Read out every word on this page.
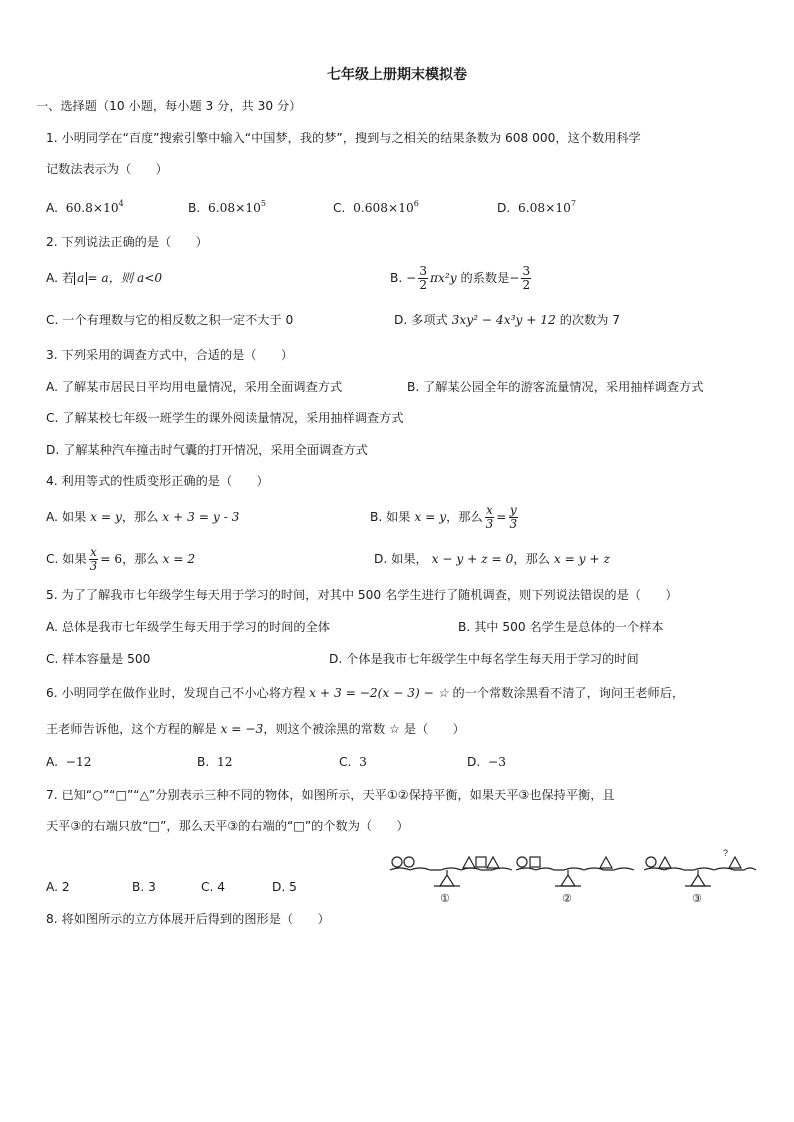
七年级上册期末模拟卷
一、选择题（10 小题，每小题 3 分，共 30 分）
1. 小明同学在“百度”搜索引擎中输入“中国梦，我的梦”，搜到与之相关的结果条数为 608 000，这个数用科学
记数法表示为（　　）
A. $60.8\times 10^4$	B. $6.08\times 10^5$	C. $0.608\times 10^6$	D. $6.08\times 10^7$
2. 下列说法正确的是（　　）
A. 若 a = a，则 a<0	B. − $\frac{3}{2} \pi x^2y$ 的系数是− $\frac{3}{2}$
C. 一个有理数与它的相反数之积一定不大于 0	D. 多项式 3xy² − 4x³y + 12 的次数为 7
3. 下列采用的调查方式中，合适的是（　　）
A. 了解某市居民日平均用电量情况，采用全面调查方式	B. 了解某公园全年的游客流量情况，采用抽样调查方式
C. 了解某校七年级一班学生的课外阅读量情况，采用抽样调查方式
D. 了解某种汽车撞击时气囊的打开情况，采用全面调查方式
4. 利用等式的性质变形正确的是（　　）
A. 如果 x = y，那么 x + 3 = y - 3	B. 如果 x = y，那么 $\frac{x}{3} = \frac{y}{3}$
C. 如果 $\frac{x}{3} = 6$，那么 x = 2	D. 如果， x − y + z = 0，那么 x = y + z
5. 为了了解我市七年级学生每天用于学习的时间，对其中 500 名学生进行了随机调查，则下列说法错误的是（　　）
A. 总体是我市七年级学生每天用于学习的时间的全体	B. 其中 500 名学生是总体的一个样本
C. 样本容量是 500	D. 个体是我市七年级学生中每名学生每天用于学习的时间
6. 小明同学在做作业时，发现自己不小心将方程 x + 3 = −2(x − 3) − ☆ 的一个常数涂黑看不清了，询问王老师后，
王老师告诉他，这个方程的解是 x = −3，则这个被涂黑的常数 ☆ 是（　　）
A. −12	B. 12	C. 3	D. −3
7. 已知“○”“□”“△”分别表示三种不同的物体，如图所示，天平①②保持平衡，如果天平③也保持平衡，且
天平③的右端只放“□”，那么天平③的右端的“□”的个数为（　　）
A. 2	B. 3	C. 4	D. 5
?
①	②	③
8. 将如图所示的立方体展开后得到的图形是（　　）
